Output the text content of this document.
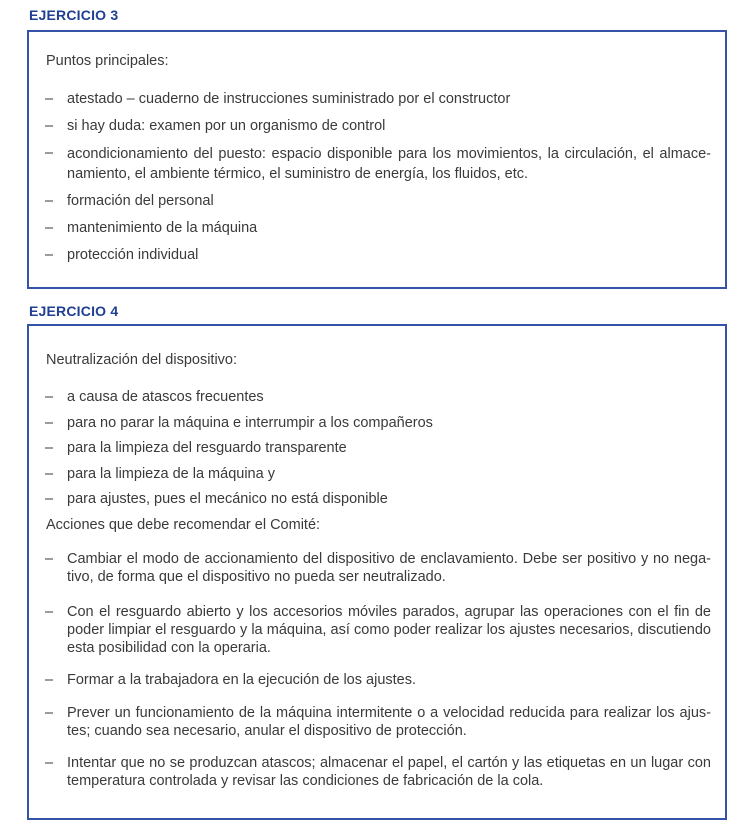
EJERCICIO 3
Puntos principales:
– atestado – cuaderno de instrucciones suministrado por el constructor
– si hay duda: examen por un organismo de control
– acondicionamiento del puesto: espacio disponible para los movimientos, la circulación, el almace-namiento, el ambiente térmico, el suministro de energía, los fluidos, etc.
– formación del personal
– mantenimiento de la máquina
– protección individual
EJERCICIO 4
Neutralización del dispositivo:
– a causa de atascos frecuentes
– para no parar la máquina e interrumpir a los compañeros
– para la limpieza del resguardo transparente
– para la limpieza de la máquina y
– para ajustes, pues el mecánico no está disponible
Acciones que debe recomendar el Comité:
– Cambiar el modo de accionamiento del dispositivo de enclavamiento. Debe ser positivo y no nega-tivo, de forma que el dispositivo no pueda ser neutralizado.
– Con el resguardo abierto y los accesorios móviles parados, agrupar las operaciones con el fin de poder limpiar el resguardo y la máquina, así como poder realizar los ajustes necesarios, discutiendo esta posibilidad con la operaria.
– Formar a la trabajadora en la ejecución de los ajustes.
– Prever un funcionamiento de la máquina intermitente o a velocidad reducida para realizar los ajus-tes; cuando sea necesario, anular el dispositivo de protección.
– Intentar que no se produzcan atascos; almacenar el papel, el cartón y las etiquetas en un lugar con temperatura controlada y revisar las condiciones de fabricación de la cola.
